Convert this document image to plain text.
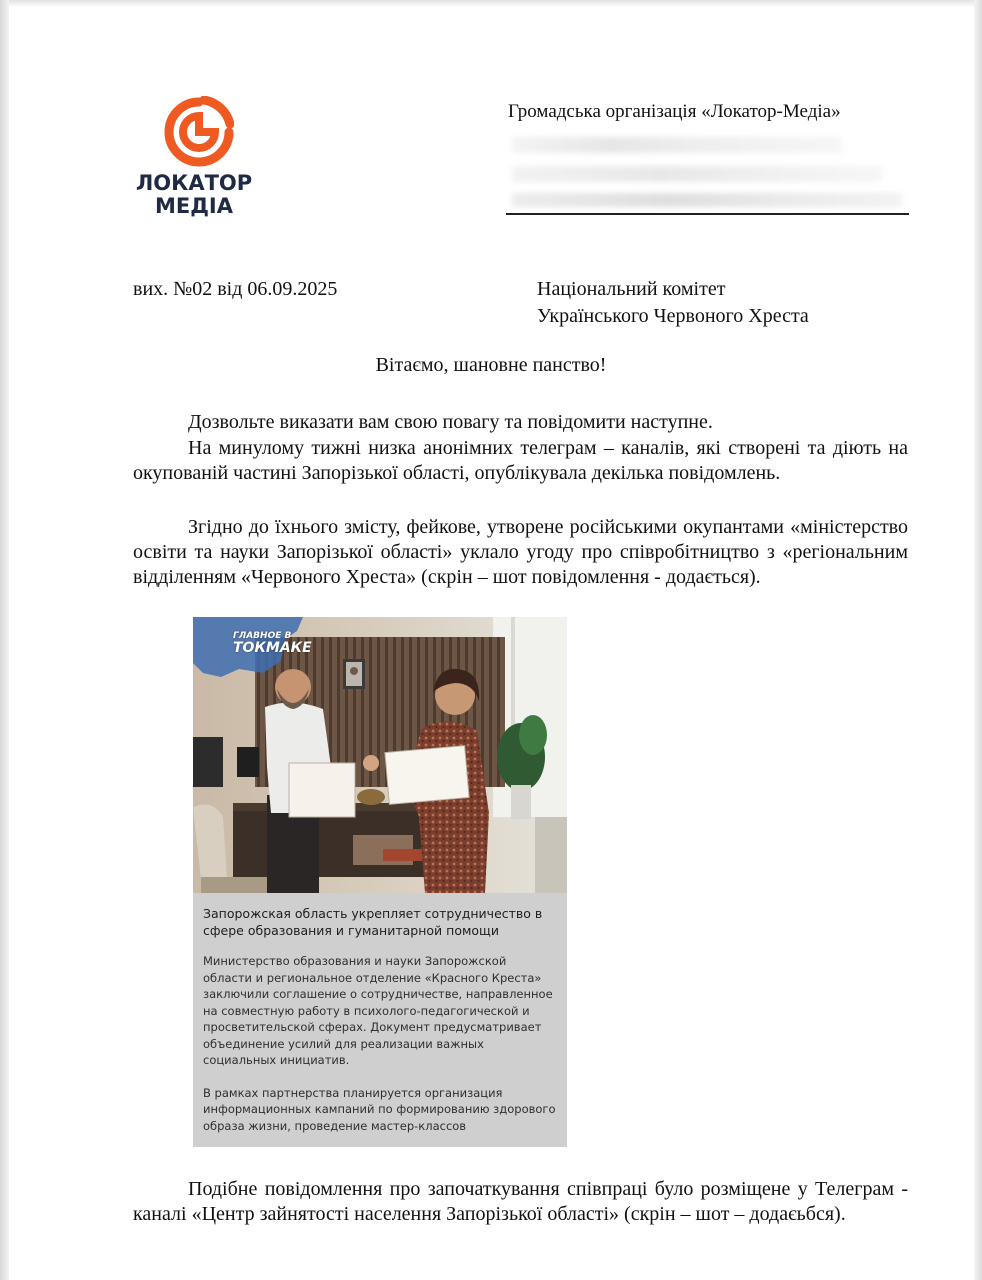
ЛОКАТОР
МЕДІА
Громадська організація «Локатор-Медіа»
вих. №02 від 06.09.2025	Національний комітет
Українського Червоного Хреста
Вітаємо, шановне панство!
Дозвольте виказати вам свою повагу та повідомити наступне.
На минулому тижні низка анонімних телеграм – каналів, які створені та діють на окупованій частині Запорізької області, опублікувала декілька повідомлень.
Згідно до їхнього змісту, фейкове, утворене російськими окупантами «міністерство освіти та науки Запорізької області» уклало угоду про співробітництво з «регіональним відділенням «Червоного Хреста» (скрін – шот повідомлення - додається).
ГЛАВНОЕ В
ТОКМАКЕ
Запорожская область укрепляет сотрудничество в сфере образования и гуманитарной помощи
Министерство образования и науки Запорожской области и региональное отделение «Красного Креста» заключили соглашение о сотрудничестве, направленное на совместную работу в психолого-педагогической и просветительской сферах. Документ предусматривает объединение усилий для реализации важных социальных инициатив.
В рамках партнерства планируется организация информационных кампаний по формированию здорового образа жизни, проведение мастер-классов
Подібне повідомлення про започаткування співпраці було розміщене у Телеграм - каналі «Центр зайнятості населення Запорізької області» (скрін – шот – додаєьбся).
